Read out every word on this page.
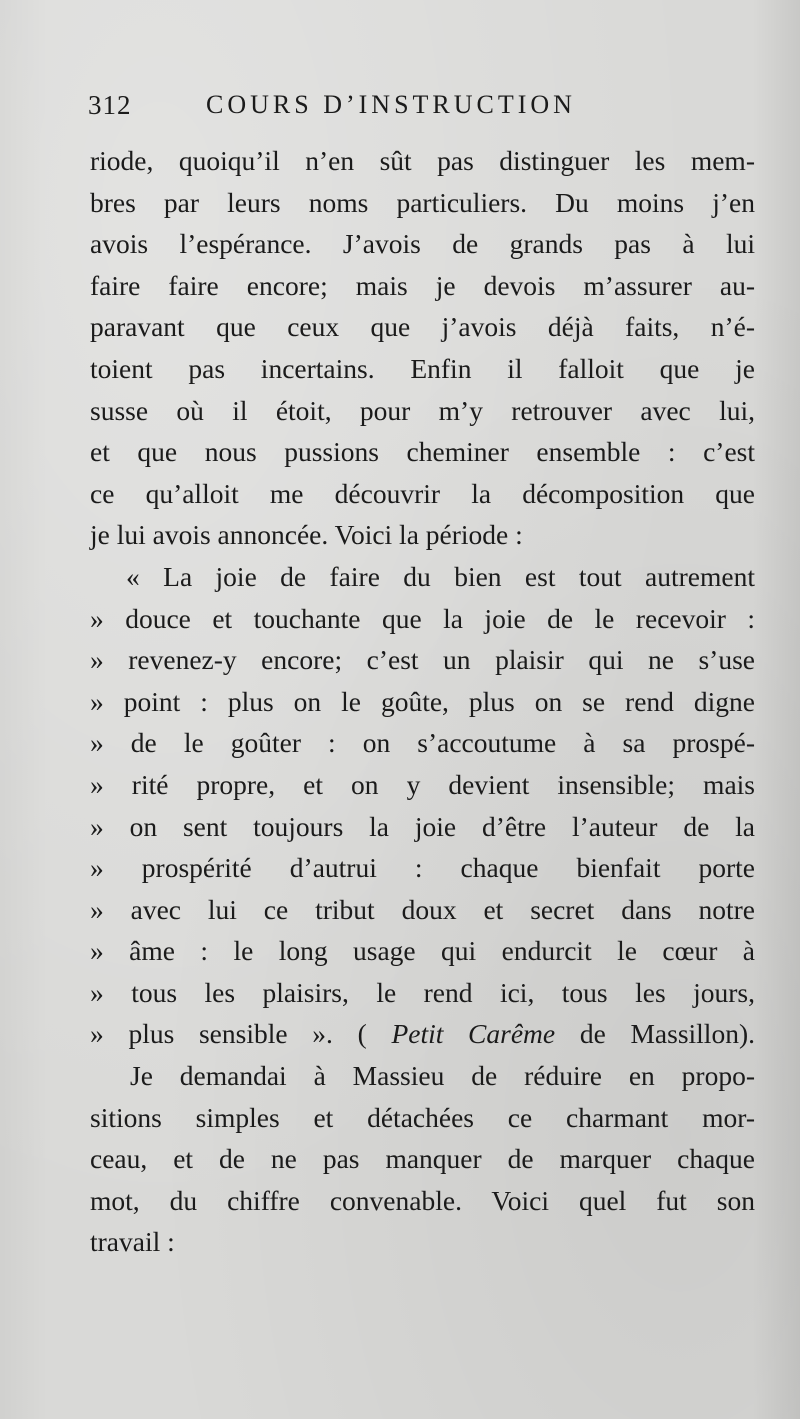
312	COURS D’INSTRUCTION
riode, quoiqu’il n’en sût pas distinguer les mem-
bres par leurs noms particuliers. Du moins j’en
avois l’espérance. J’avois de grands pas à lui
faire faire encore; mais je devois m’assurer au-
paravant que ceux que j’avois déjà faits, n’é-
toient pas incertains. Enfin il falloit que je
susse où il étoit, pour m’y retrouver avec lui,
et que nous pussions cheminer ensemble : c’est
ce qu’alloit me découvrir la décomposition que
je lui avois annoncée. Voici la période :
« La joie de faire du bien est tout autrement
» douce et touchante que la joie de le recevoir :
» revenez-y encore; c’est un plaisir qui ne s’use
» point : plus on le goûte, plus on se rend digne
» de le goûter : on s’accoutume à sa prospé-
» rité propre, et on y devient insensible; mais
» on sent toujours la joie d’être l’auteur de la
» prospérité d’autrui : chaque bienfait porte
» avec lui ce tribut doux et secret dans notre
» âme : le long usage qui endurcit le cœur à
» tous les plaisirs, le rend ici, tous les jours,
» plus sensible ». ( Petit Carême de Massillon).
Je demandai à Massieu de réduire en propo-
sitions simples et détachées ce charmant mor-
ceau, et de ne pas manquer de marquer chaque
mot, du chiffre convenable. Voici quel fut son
travail :
